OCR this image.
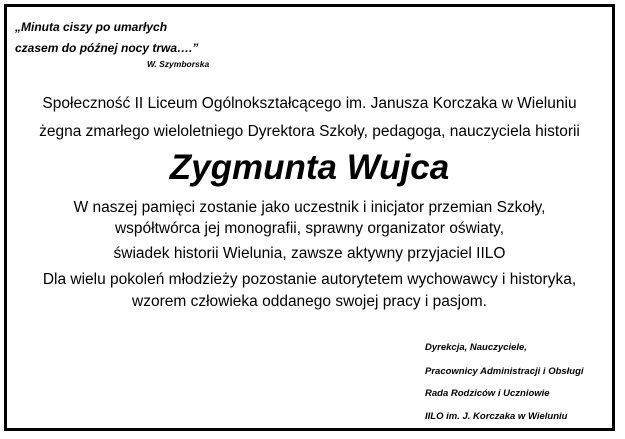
„Minuta ciszy po umarłych
czasem do późnej nocy trwa….”
W. Szymborska
Społeczność II Liceum Ogólnokształcącego im. Janusza Korczaka w Wieluniu
żegna zmarłego wieloletniego Dyrektora Szkoły, pedagoga, nauczyciela historii
Zygmunta Wujca
W naszej pamięci zostanie jako uczestnik i inicjator przemian Szkoły,
współtwórca jej monografii, sprawny organizator oświaty,
świadek historii Wielunia, zawsze aktywny przyjaciel IILO
Dla wielu pokoleń młodzieży pozostanie autorytetem wychowawcy i historyka,
wzorem człowieka oddanego swojej pracy i pasjom.
Dyrekcja, Nauczyciele,
Pracownicy Administracji i Obsługi
Rada Rodziców i Uczniowie
IILO im. J. Korczaka w Wieluniu
